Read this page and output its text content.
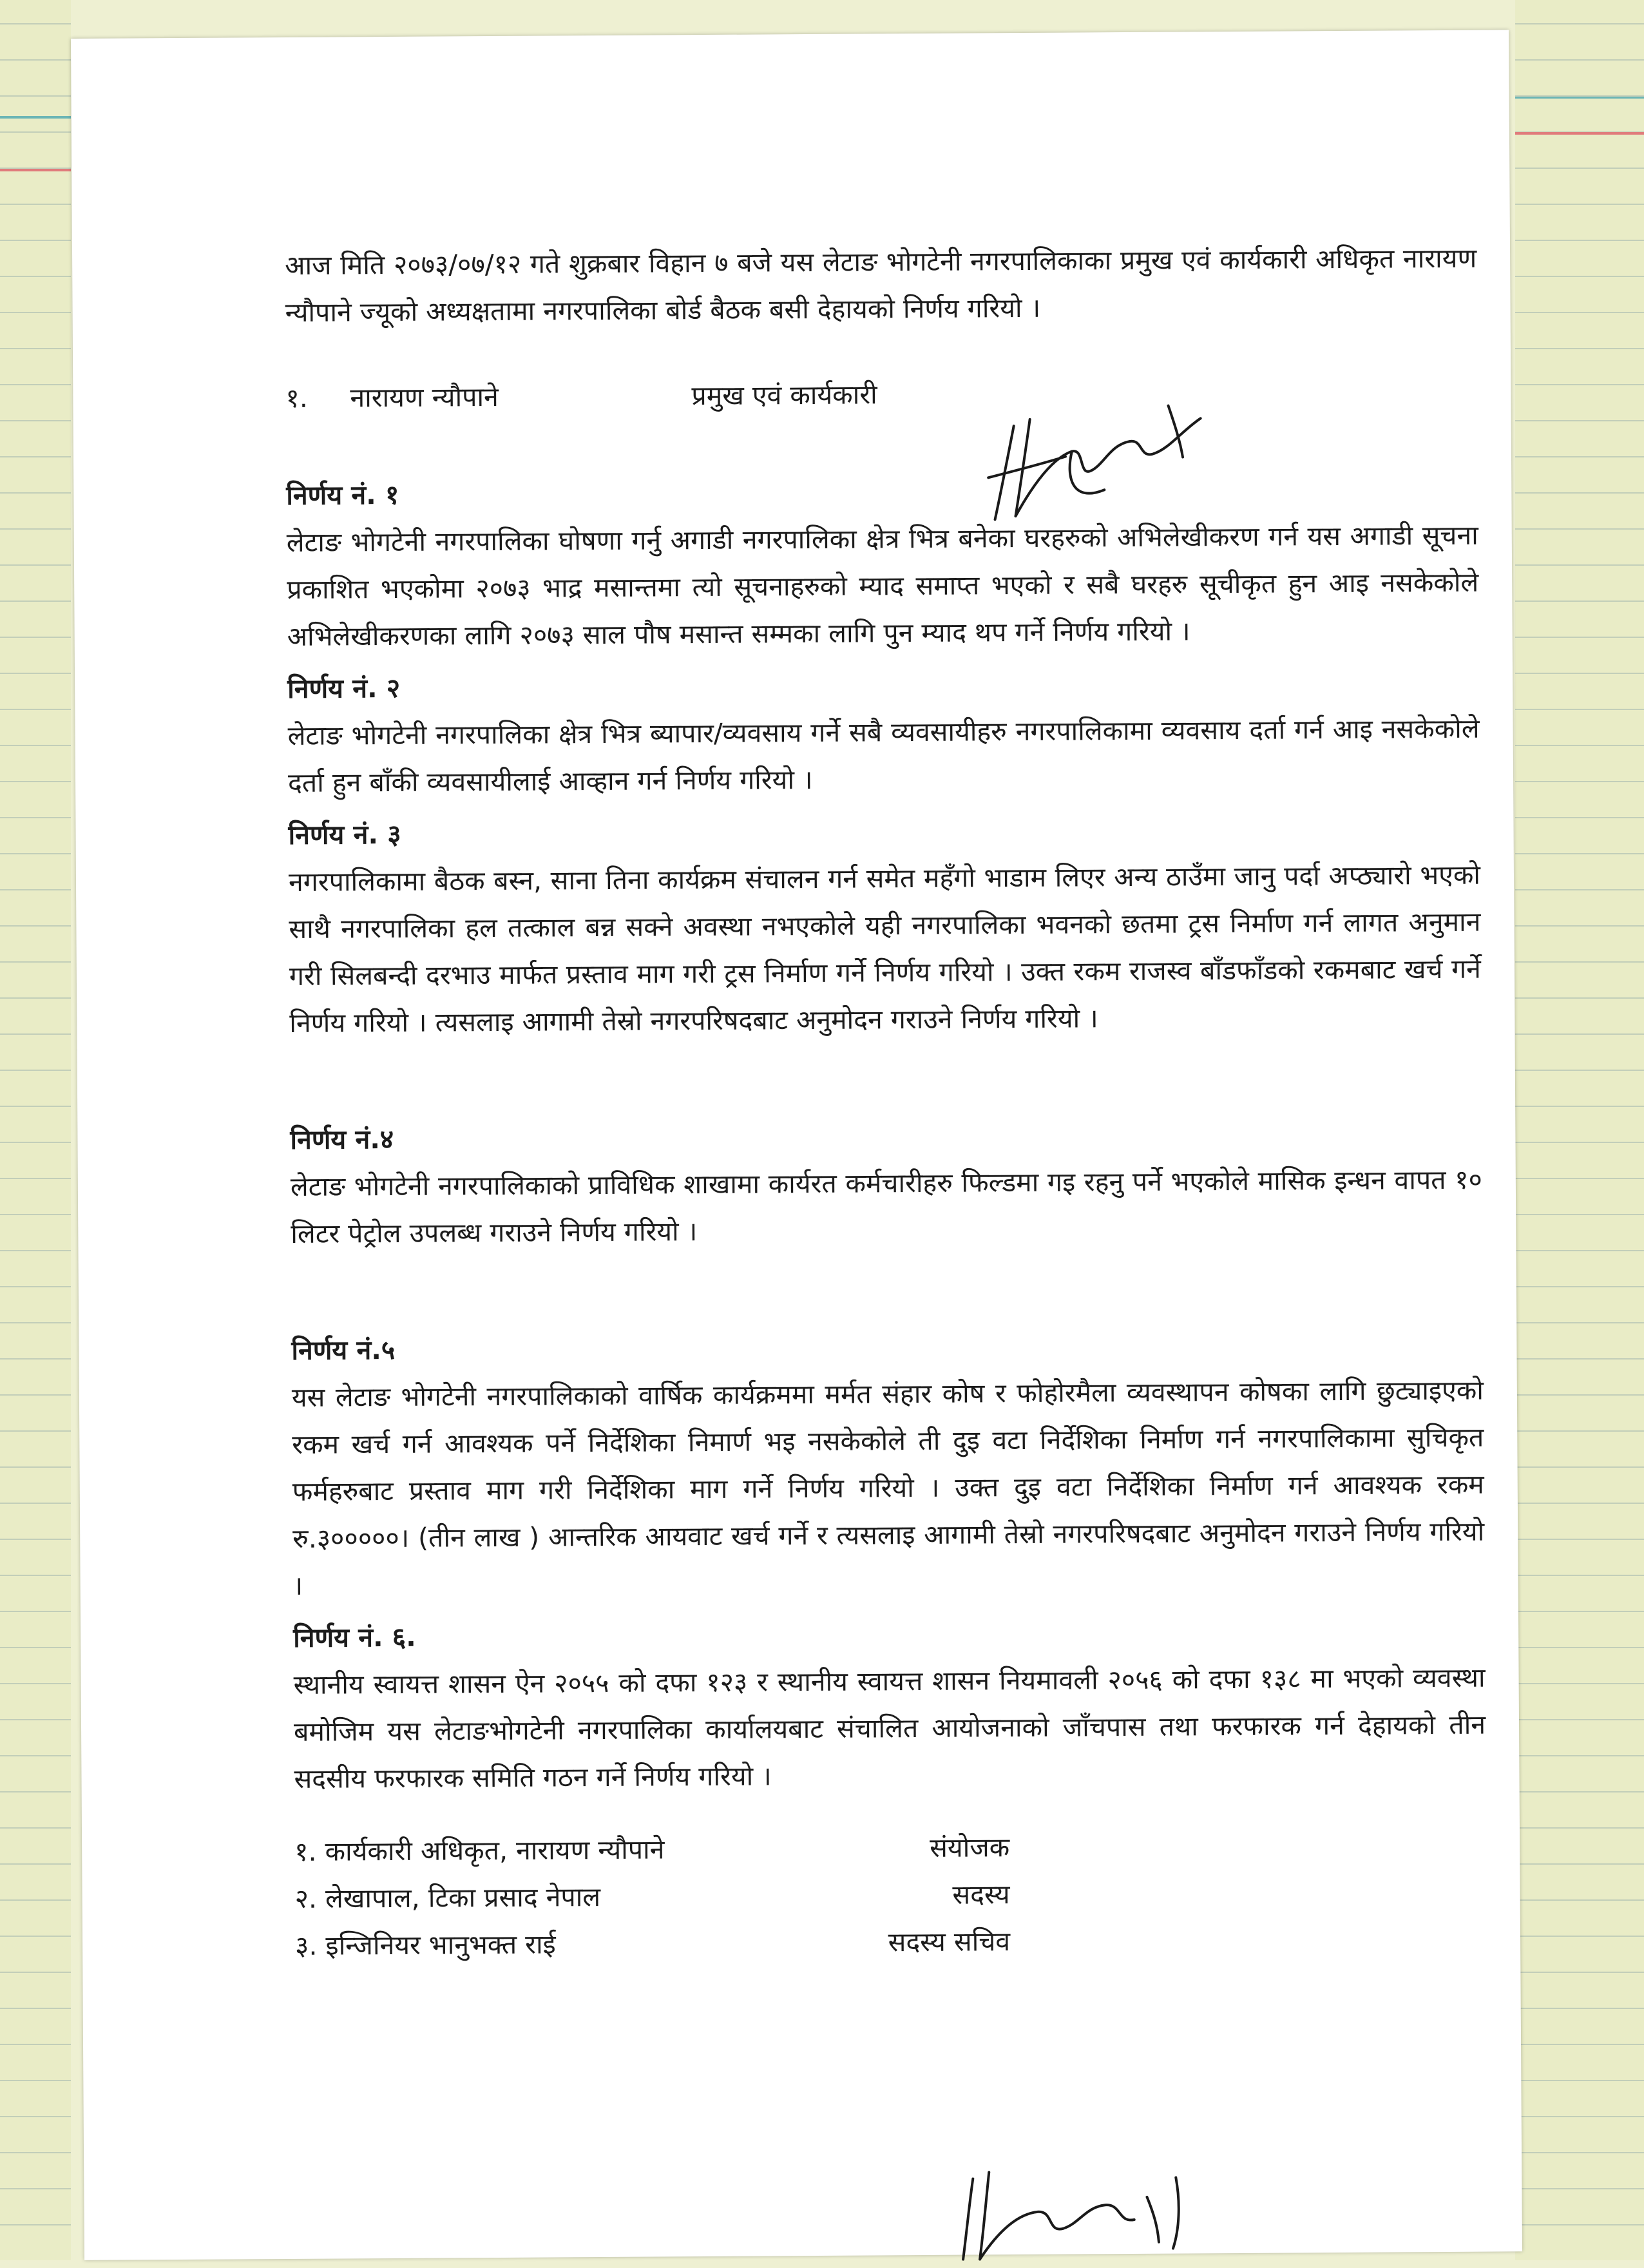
आज मिति २०७३/०७/१२ गते शुक्रबार विहान ७ बजे यस लेटाङ भोगटेनी नगरपालिकाका प्रमुख एवं कार्यकारी अधिकृत नारायण न्यौपाने ज्यूको अध्यक्षतामा नगरपालिका बोर्ड बैठक बसी देहायको निर्णय गरियो ।

१.	नारायण न्यौपाने	प्रमुख एवं कार्यकारी

निर्णय नं. १

लेटाङ भोगटेनी नगरपालिका घोषणा गर्नु अगाडी नगरपालिका क्षेत्र भित्र बनेका घरहरुको अभिलेखीकरण गर्न यस अगाडी सूचना प्रकाशित भएकोमा २०७३ भाद्र मसान्तमा त्यो सूचनाहरुको म्याद समाप्त भएको र सबै घरहरु सूचीकृत हुन आइ नसकेकोले अभिलेखीकरणका लागि २०७३ साल पौष मसान्त सम्मका लागि पुन म्याद थप गर्ने निर्णय गरियो ।

निर्णय नं. २

लेटाङ भोगटेनी नगरपालिका क्षेत्र भित्र ब्यापार/व्यवसाय गर्ने सबै व्यवसायीहरु नगरपालिकामा व्यवसाय दर्ता गर्न आइ नसकेकोले दर्ता हुन बाँकी व्यवसायीलाई आव्हान गर्न निर्णय गरियो ।

निर्णय नं. ३

नगरपालिकामा बैठक बस्न, साना तिना कार्यक्रम संचालन गर्न समेत महँगो भाडाम लिएर अन्य ठाउँमा जानु पर्दा अप्ठ्यारो भएको साथै नगरपालिका हल तत्काल बन्न सक्ने अवस्था नभएकोले यही नगरपालिका भवनको छतमा ट्रस निर्माण गर्न लागत अनुमान गरी सिलबन्दी दरभाउ मार्फत प्रस्ताव माग गरी ट्रस निर्माण गर्ने निर्णय गरियो । उक्त रकम राजस्व बाँडफाँडको रकमबाट खर्च गर्ने निर्णय गरियो । त्यसलाइ आगामी तेस्रो नगरपरिषदबाट अनुमोदन गराउने निर्णय गरियो ।

निर्णय नं.४

लेटाङ भोगटेनी नगरपालिकाको प्राविधिक शाखामा कार्यरत कर्मचारीहरु फिल्डमा गइ रहनु पर्ने भएकोले मासिक इन्धन वापत १० लिटर पेट्रोल उपलब्ध गराउने निर्णय गरियो ।

निर्णय नं.५

यस लेटाङ भोगटेनी नगरपालिकाको वार्षिक कार्यक्रममा मर्मत संहार कोष र फोहोरमैला व्यवस्थापन कोषका लागि छुट्याइएको रकम खर्च गर्न आवश्यक पर्ने निर्देशिका निमार्ण भइ नसकेकोले ती दुइ वटा निर्देशिका निर्माण गर्न नगरपालिकामा सुचिकृत फर्महरुबाट प्रस्ताव माग गरी निर्देशिका माग गर्ने निर्णय गरियो । उक्त दुइ वटा निर्देशिका निर्माण गर्न आवश्यक रकम रु.३०००००। (तीन लाख ) आन्तरिक आयवाट खर्च गर्ने र त्यसलाइ आगामी तेस्रो नगरपरिषदबाट अनुमोदन गराउने निर्णय गरियो ।

निर्णय नं. ६.

स्थानीय स्वायत्त शासन ऐन २०५५ को दफा १२३ र स्थानीय स्वायत्त शासन नियमावली २०५६ को दफा १३८ मा भएको व्यवस्था बमोजिम यस लेटाङभोगटेनी नगरपालिका कार्यालयबाट संचालित आयोजनाको जाँचपास तथा फरफारक गर्न देहायको तीन सदसीय फरफारक समिति गठन गर्ने निर्णय गरियो ।

१. कार्यकारी अधिकृत, नारायण न्यौपाने	संयोजक
२. लेखापाल, टिका प्रसाद नेपाल	सदस्य
३. इन्जिनियर भानुभक्त राई	सदस्य सचिव
